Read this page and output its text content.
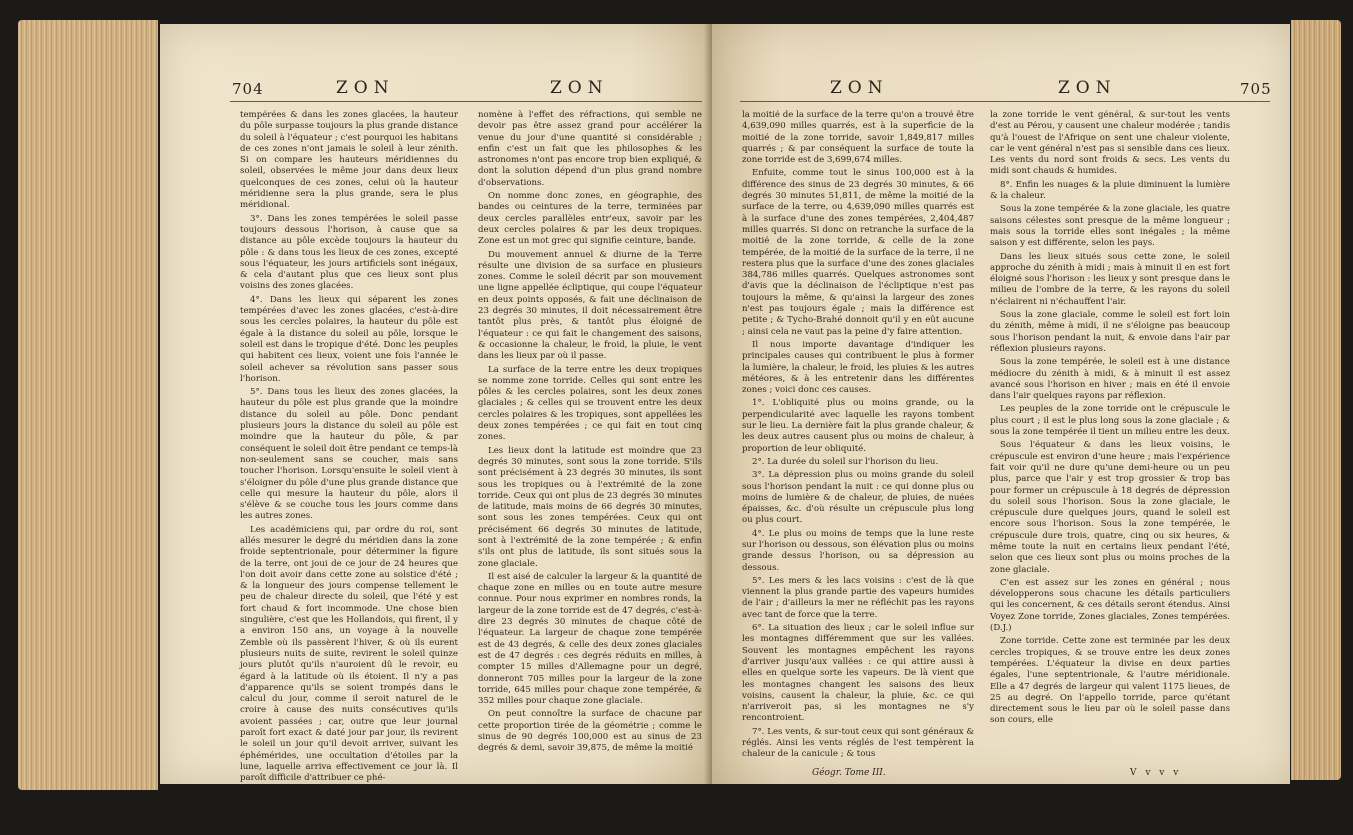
704	ZON	ZON

tempérées & dans les zones glacées, la hauteur du pôle surpasse toujours la plus grande distance du soleil à l'équateur ; c'est pourquoi les habitans de ces zones n'ont jamais le soleil à leur zénith. Si on compare les hauteurs méridiennes du soleil, observées le même jour dans deux lieux quelconques de ces zones, celui où la hauteur méridienne sera la plus grande, sera le plus méridional.

3°. Dans les zones tempérées le soleil passe toujours dessous l'horison, à cause que sa distance au pôle excède toujours la hauteur du pôle : & dans tous les lieux de ces zones, excepté sous l'équateur, les jours artificiels sont inégaux, & cela d'autant plus que ces lieux sont plus voisins des zones glacées.

4°. Dans les lieux qui séparent les zones tempérées d'avec les zones glacées, c'est-à-dire sous les cercles polaires, la hauteur du pôle est égale à la distance du soleil au pôle, lorsque le soleil est dans le tropique d'été. Donc les peuples qui habitent ces lieux, voient une fois l'année le soleil achever sa révolution sans passer sous l'horison.

5°. Dans tous les lieux des zones glacées, la hauteur du pôle est plus grande que la moindre distance du soleil au pôle. Donc pendant plusieurs jours la distance du soleil au pôle est moindre que la hauteur du pôle, & par conséquent le soleil doit être pendant ce temps-là non-seulement sans se coucher, mais sans toucher l'horison. Lorsqu'ensuite le soleil vient à s'éloigner du pôle d'une plus grande distance que celle qui mesure la hauteur du pôle, alors il s'élève & se couche tous les jours comme dans les autres zones.

Les académiciens qui, par ordre du roi, sont allés mesurer le degré du méridien dans la zone froide septentrionale, pour déterminer la figure de la terre, ont joui de ce jour de 24 heures que l'on doit avoir dans cette zone au solstice d'été ; & la longueur des jours compense tellement le peu de chaleur directe du soleil, que l'été y est fort chaud & fort incommode. Une chose bien singulière, c'est que les Hollandois, qui firent, il y a environ 150 ans, un voyage à la nouvelle Zemble où ils passèrent l'hiver, & où ils eurent plusieurs nuits de suite, revirent le soleil quinze jours plutôt qu'ils n'auroient dû le revoir, eu égard à la latitude où ils étoient. Il n'y a pas d'apparence qu'ils se soient trompés dans le calcul du jour, comme il seroit naturel de le croire à cause des nuits consécutives qu'ils avoient passées ; car, outre que leur journal paroît fort exact & daté jour par jour, ils revirent le soleil un jour qu'il devoit arriver, suivant les éphémérides, une occultation d'étoiles par la lune, laquelle arriva effectivement ce jour là. Il paroît difficile d'attribuer ce phé-

nomène à l'effet des réfractions, qui semble ne devoir pas être assez grand pour accélérer la venue du jour d'une quantité si considérable ; enfin c'est un fait que les philosophes & les astronomes n'ont pas encore trop bien expliqué, & dont la solution dépend d'un plus grand nombre d'observations.

On nomme donc zones, en géographie, des bandes ou ceintures de la terre, terminées par deux cercles parallèles entr'eux, savoir par les deux cercles polaires & par les deux tropiques. Zone est un mot grec qui signifie ceinture, bande.

Du mouvement annuel & diurne de la Terre résulte une division de sa surface en plusieurs zones. Comme le soleil décrit par son mouvement une ligne appellée écliptique, qui coupe l'équateur en deux points opposés, & fait une déclinaison de 23 degrés 30 minutes, il doit nécessairement être tantôt plus près, & tantôt plus éloigné de l'équateur : ce qui fait le changement des saisons, & occasionne la chaleur, le froid, la pluie, le vent dans les lieux par où il passe.

La surface de la terre entre les deux tropiques se nomme zone torride. Celles qui sont entre les pôles & les cercles polaires, sont les deux zones glaciales ; & celles qui se trouvent entre les deux cercles polaires & les tropiques, sont appellées les deux zones tempérées ; ce qui fait en tout cinq zones.

Les lieux dont la latitude est moindre que 23 degrés 30 minutes, sont sous la zone torride. S'ils sont précisément à 23 degrés 30 minutes, ils sont sous les tropiques ou à l'extrémité de la zone torride. Ceux qui ont plus de 23 degrés 30 minutes de latitude, mais moins de 66 degrés 30 minutes, sont sous les zones tempérées. Ceux qui ont précisément 66 degrés 30 minutes de latitude, sont à l'extrémité de la zone tempérée ; & enfin s'ils ont plus de latitude, ils sont situés sous la zone glaciale.

Il est aisé de calculer la largeur & la quantité de chaque zone en milles ou en toute autre mesure connue. Pour nous exprimer en nombres ronds, la largeur de la zone torride est de 47 degrés, c'est-à-dire 23 degrés 30 minutes de chaque côté de l'équateur. La largeur de chaque zone tempérée est de 43 degrés, & celle des deux zones glaciales est de 47 degrés : ces degrés réduits en milles, à compter 15 milles d'Allemagne pour un degré, donneront 705 milles pour la largeur de la zone torride, 645 milles pour chaque zone tempérée, & 352 milles pour chaque zone glaciale.

On peut connoître la surface de chacune par cette proportion tirée de la géométrie ; comme le sinus de 90 degrés 100,000 est au sinus de 23 degrés & demi, savoir 39,875, de même la moitié

ZON	ZON	705

la moitié de la surface de la terre qu'on a trouvé être 4,639,090 milles quarrés, est à la superficie de la moitié de la zone torride, savoir 1,849,817 milles quarrés ; & par conséquent la surface de toute la zone torride est de 3,699,674 milles.

Enfuite, comme tout le sinus 100,000 est à la différence des sinus de 23 degrés 30 minutes, & 66 degrés 30 minutes 51,811, de même la moitié de la surface de la terre, ou 4,639,090 milles quarrés est à la surface d'une des zones tempérées, 2,404,487 milles quarrés. Si donc on retranche la surface de la moitié de la zone torride, & celle de la zone tempérée, de la moitié de la surface de la terre, il ne restera plus que la surface d'une des zones glaciales 384,786 milles quarrés. Quelques astronomes sont d'avis que la déclinaison de l'écliptique n'est pas toujours la même, & qu'ainsi la largeur des zones n'est pas toujours égale ; mais la différence est petite ; & Tycho-Brahé donnoit qu'il y en eût aucune ; ainsi cela ne vaut pas la peine d'y faire attention.

Il nous importe davantage d'indiquer les principales causes qui contribuent le plus à former la lumière, la chaleur, le froid, les pluies & les autres météores, & à les entretenir dans les différentes zones ; voici donc ces causes.

1°. L'obliquité plus ou moins grande, ou la perpendicularité avec laquelle les rayons tombent sur le lieu. La dernière fait la plus grande chaleur, & les deux autres causent plus ou moins de chaleur, à proportion de leur obliquité.

2°. La durée du soleil sur l'horison du lieu.

3°. La dépression plus ou moins grande du soleil sous l'horison pendant la nuit : ce qui donne plus ou moins de lumière & de chaleur, de pluies, de nuées épaisses, &c. d'où résulte un crépuscule plus long ou plus court.

4°. Le plus ou moins de temps que la lune reste sur l'horison ou dessous, son élévation plus ou moins grande dessus l'horison, ou sa dépression au dessous.

5°. Les mers & les lacs voisins : c'est de là que viennent la plus grande partie des vapeurs humides de l'air ; d'ailleurs la mer ne réfléchit pas les rayons avec tant de force que la terre.

6°. La situation des lieux ; car le soleil influe sur les montagnes différemment que sur les vallées. Souvent les montagnes empêchent les rayons d'arriver jusqu'aux vallées : ce qui attire aussi à elles en quelque sorte les vapeurs. De là vient que les montagnes changent les saisons des lieux voisins, causent la chaleur, la pluie, &c. ce qui n'arriveroit pas, si les montagnes ne s'y rencontroient.

7°. Les vents, & sur-tout ceux qui sont généraux & réglés. Ainsi les vents réglés de l'est tempèrent la chaleur de la canicule ; & tous

la zone torride le vent général, & sur-tout les vents d'est au Pérou, y causent une chaleur modérée ; tandis qu'à l'ouest de l'Afrique on sent une chaleur violente, car le vent général n'est pas si sensible dans ces lieux. Les vents du nord sont froids & secs. Les vents du midi sont chauds & humides.

8°. Enfin les nuages & la pluie diminuent la lumière & la chaleur.

Sous la zone tempérée & la zone glaciale, les quatre saisons célestes sont presque de la même longueur ; mais sous la torride elles sont inégales ; la même saison y est différente, selon les pays.

Dans les lieux situés sous cette zone, le soleil approche du zénith à midi ; mais à minuit il en est fort éloigné sous l'horison : les lieux y sont presque dans le milieu de l'ombre de la terre, & les rayons du soleil n'éclairent ni n'échauffent l'air.

Sous la zone glaciale, comme le soleil est fort loin du zénith, même à midi, il ne s'éloigne pas beaucoup sous l'horison pendant la nuit, & envoie dans l'air par réflexion plusieurs rayons.

Sous la zone tempérée, le soleil est à une distance médiocre du zénith à midi, & à minuit il est assez avancé sous l'horison en hiver ; mais en été il envoie dans l'air quelques rayons par réflexion.

Les peuples de la zone torride ont le crépuscule le plus court ; il est le plus long sous la zone glaciale ; & sous la zone tempérée il tient un milieu entre les deux.

Sous l'équateur & dans les lieux voisins, le crépuscule est environ d'une heure ; mais l'expérience fait voir qu'il ne dure qu'une demi-heure ou un peu plus, parce que l'air y est trop grossier & trop bas pour former un crépuscule à 18 degrés de dépression du soleil sous l'horison. Sous la zone glaciale, le crépuscule dure quelques jours, quand le soleil est encore sous l'horison. Sous la zone tempérée, le crépuscule dure trois, quatre, cinq ou six heures, & même toute la nuit en certains lieux pendant l'été, selon que ces lieux sont plus ou moins proches de la zone glaciale.

C'en est assez sur les zones en général ; nous développerons sous chacune les détails particuliers qui les concernent, & ces détails seront étendus. Ainsi Voyez Zone torride, Zones glaciales, Zones tempérées. (D.J.)

Zone torride. Cette zone est terminée par les deux cercles tropiques, & se trouve entre les deux zones tempérées. L'équateur la divise en deux parties égales, l'une septentrionale, & l'autre méridionale. Elle a 47 degrés de largeur qui valent 1175 lieues, de 25 au degré. On l'appello torride, parce qu'étant directement sous le lieu par où le soleil passe dans son cours, elle

Géogr. Tome III.	V v v v
